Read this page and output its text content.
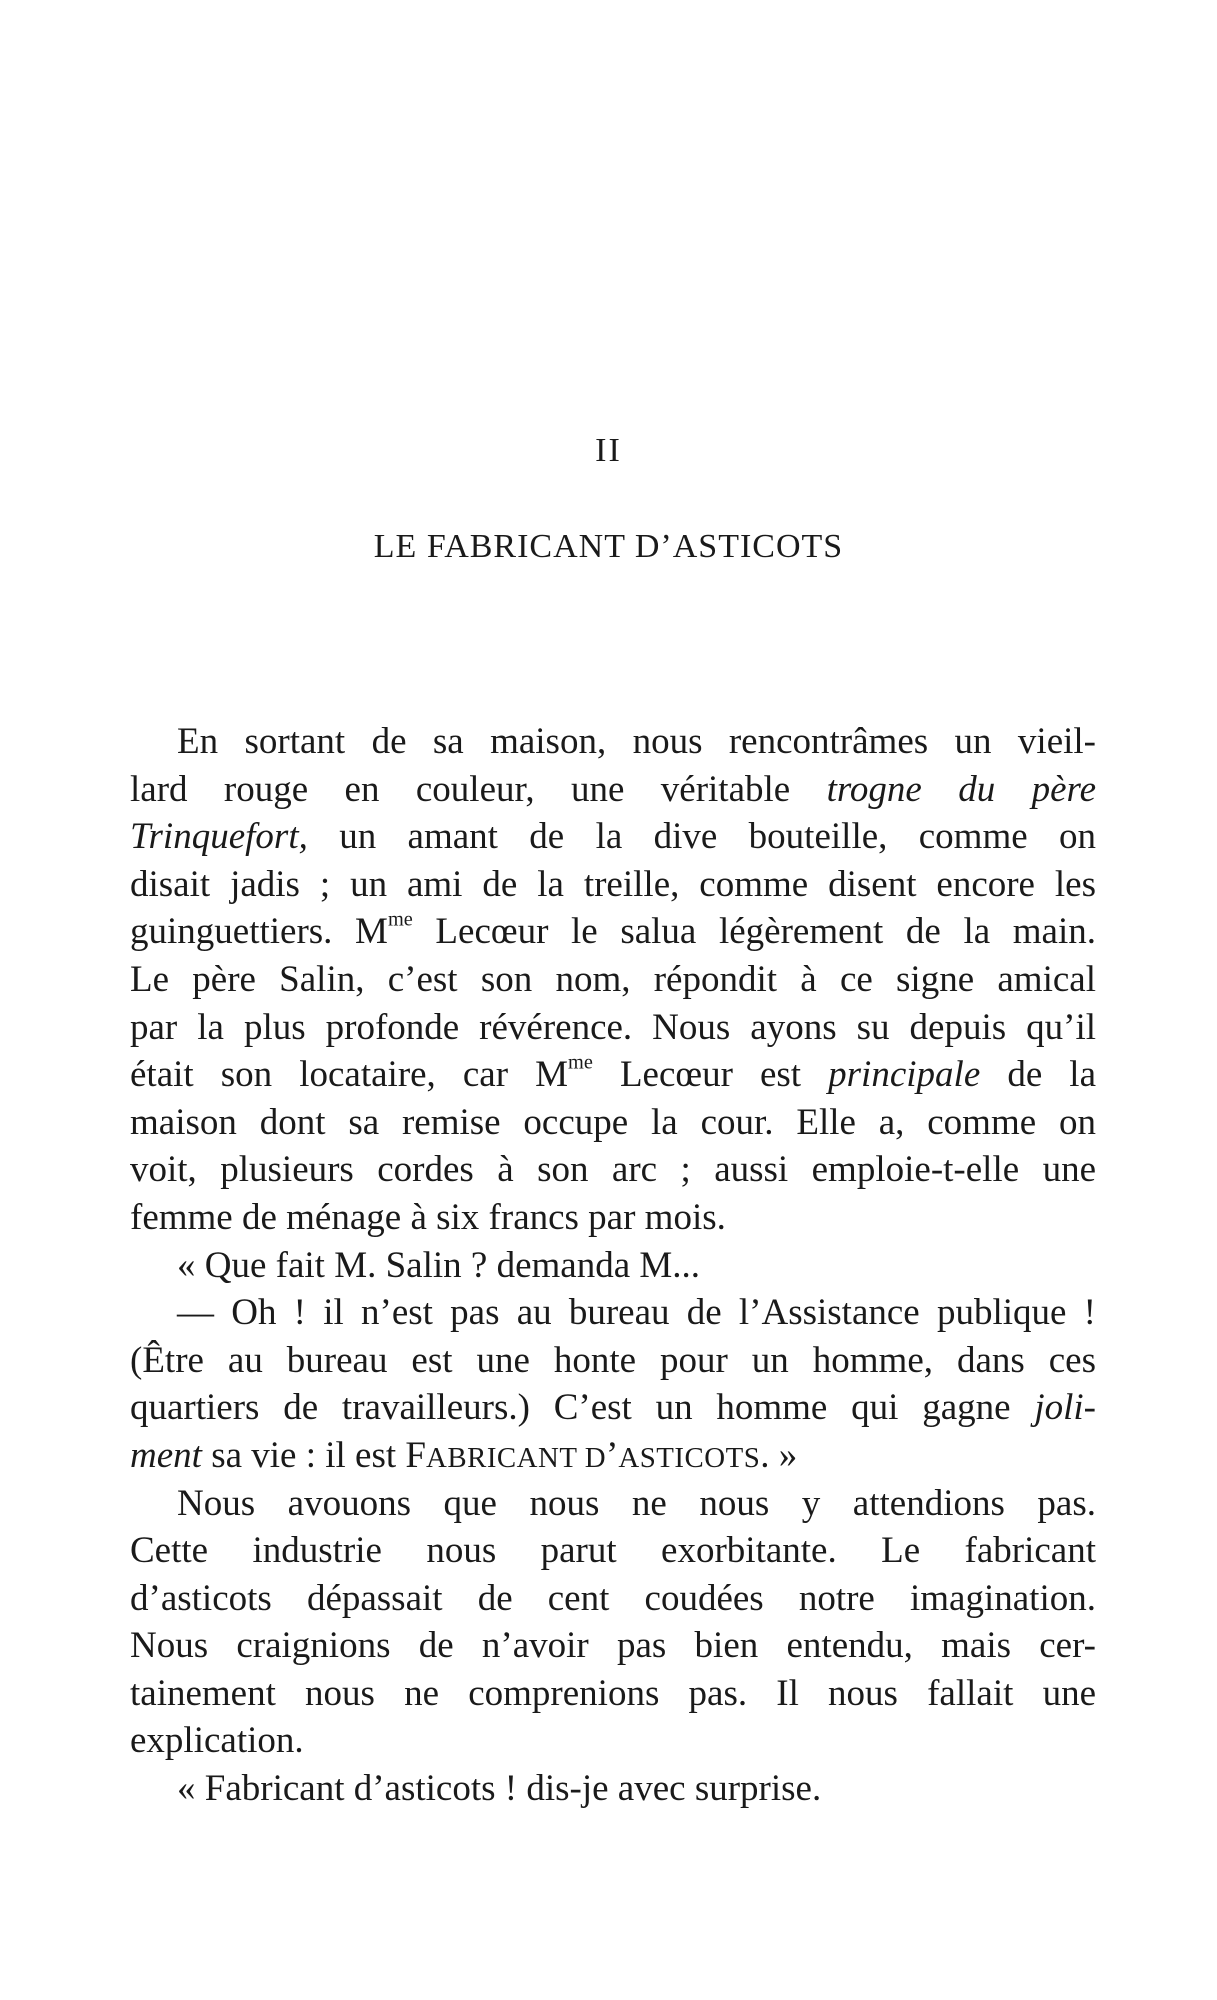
II
LE FABRICANT D’ASTICOTS
En sortant de sa maison, nous rencontrâmes un vieil-
lard rouge en couleur, une véritable trogne du père
Trinquefort, un amant de la dive bouteille, comme on
disait jadis ; un ami de la treille, comme disent encore les
guinguettiers. $M^{me}$ Lecœur le salua légèrement de la main.
Le père Salin, c’est son nom, répondit à ce signe amical
par la plus profonde révérence. Nous ayons su depuis qu’il
était son locataire, car $M^{me}$ Lecœur est principale de la
maison dont sa remise occupe la cour. Elle a, comme on
voit, plusieurs cordes à son arc ; aussi emploie-t-elle une
femme de ménage à six francs par mois.
« Que fait M. Salin ? demanda M...
— Oh ! il n’est pas au bureau de l’Assistance publique !
(Être au bureau est une honte pour un homme, dans ces
quartiers de travailleurs.) C’est un homme qui gagne joli-
ment sa vie : il est FABRICANT D’ASTICOTS. »
Nous avouons que nous ne nous y attendions pas.
Cette industrie nous parut exorbitante. Le fabricant
d’asticots dépassait de cent coudées notre imagination.
Nous craignions de n’avoir pas bien entendu, mais cer-
tainement nous ne comprenions pas. Il nous fallait une
explication.
« Fabricant d’asticots ! dis-je avec surprise.
